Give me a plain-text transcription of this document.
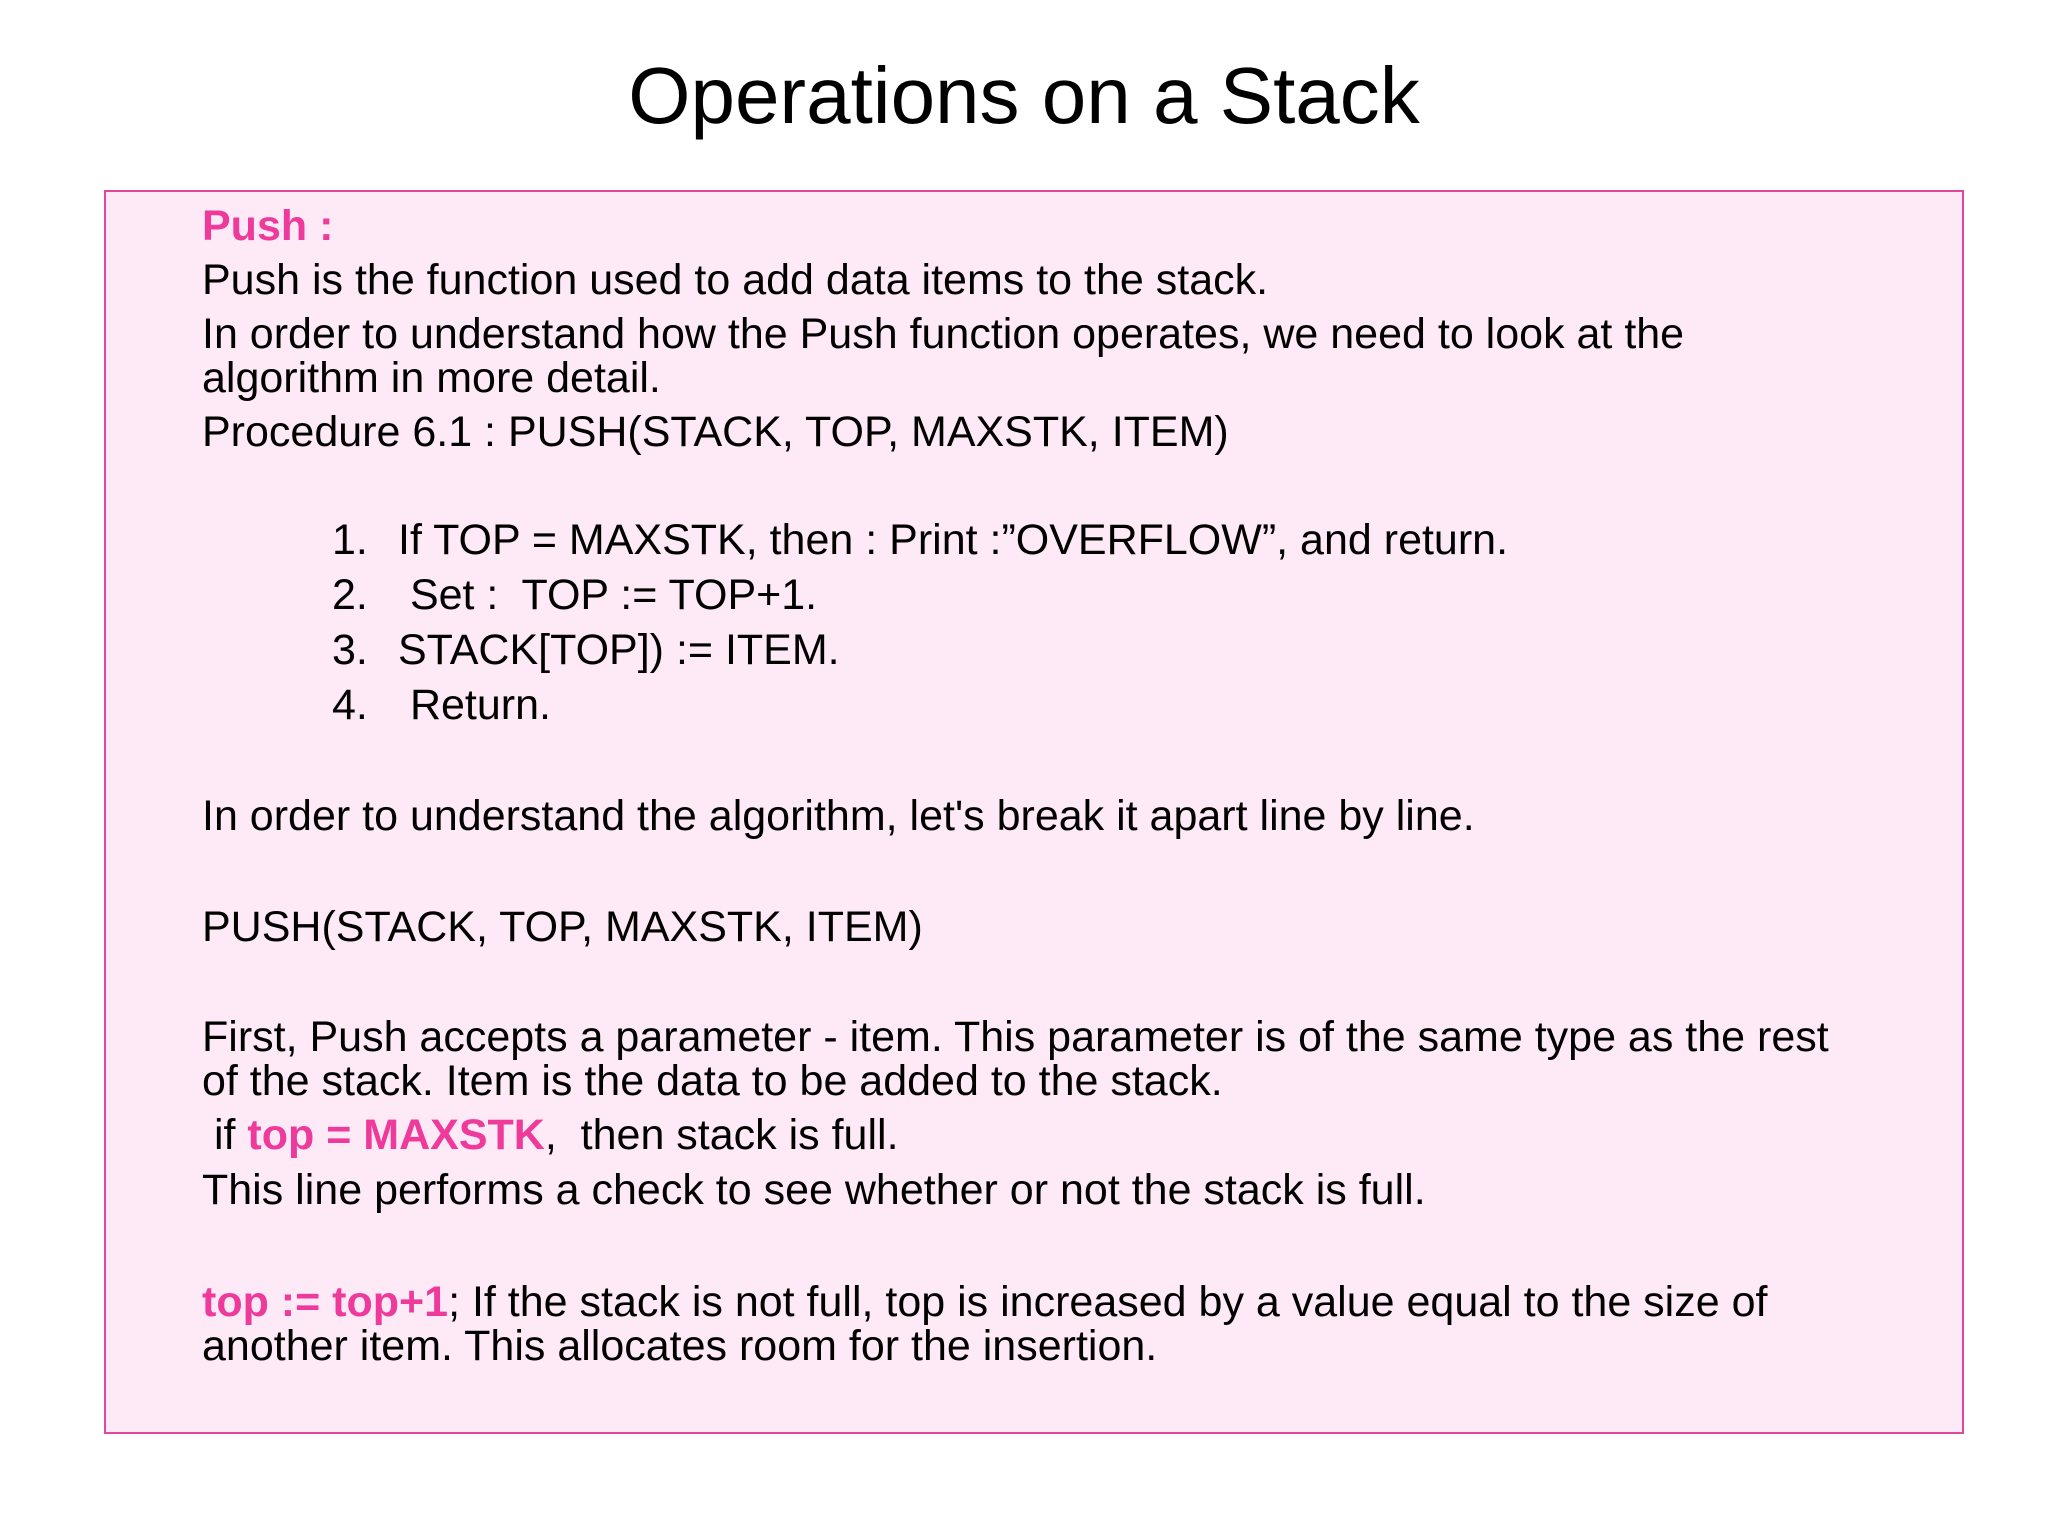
Operations on a Stack
Push :
Push is the function used to add data items to the stack.
In order to understand how the Push function operates, we need to look at the
algorithm in more detail.
Procedure 6.1 : PUSH(STACK, TOP, MAXSTK, ITEM)
1. If TOP = MAXSTK, then : Print :”OVERFLOW”, and return.
2. Set :  TOP := TOP+1.
3. STACK[TOP]) := ITEM.
4. Return.
In order to understand the algorithm, let's break it apart line by line.
PUSH(STACK, TOP, MAXSTK, ITEM)
First, Push accepts a parameter - item. This parameter is of the same type as the rest
of the stack. Item is the data to be added to the stack.
if top = MAXSTK,  then stack is full.
This line performs a check to see whether or not the stack is full.
top := top+1; If the stack is not full, top is increased by a value equal to the size of
another item. This allocates room for the insertion.
